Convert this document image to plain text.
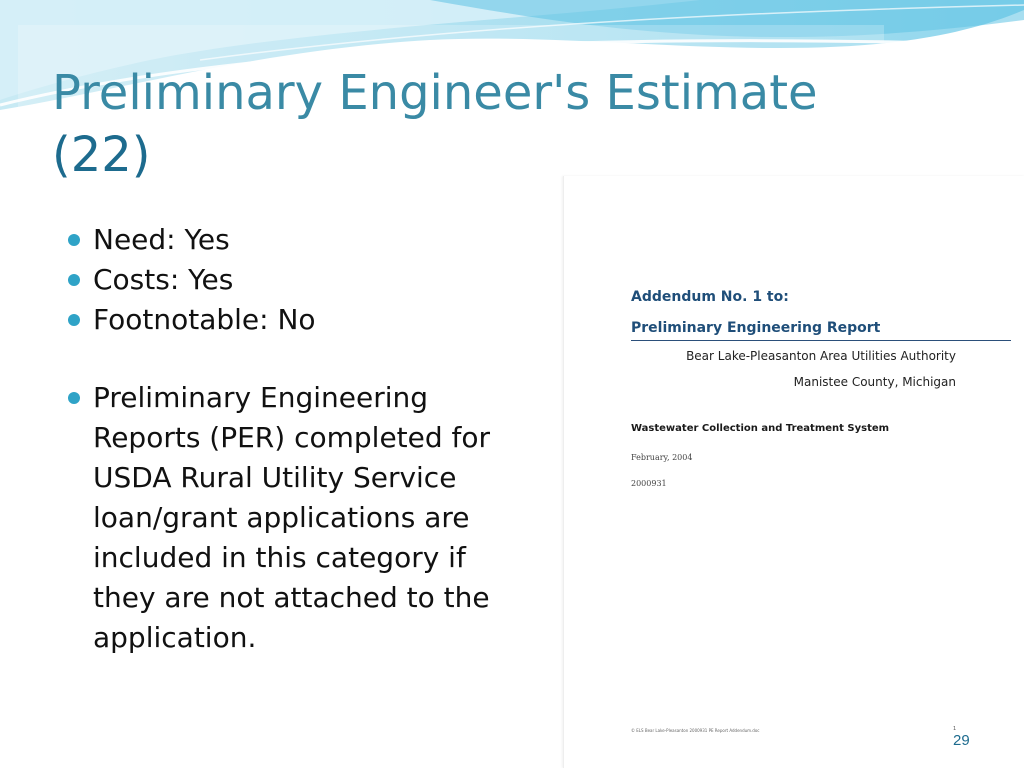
Preliminary Engineer's Estimate
(22)
Need: Yes
Costs: Yes
Footnotable: No
Preliminary Engineering Reports (PER) completed for USDA Rural Utility Service loan/grant applications are included in this category if they are not attached to the application.
Addendum No. 1 to:
Preliminary Engineering Report
Bear Lake-Pleasanton Area Utilities Authority
Manistee County, Michigan
Wastewater Collection and Treatment System
February, 2004
2000931
© ELS Bear Lake-Pleasanton 2000931 PE Report Addendum.doc	1
29
